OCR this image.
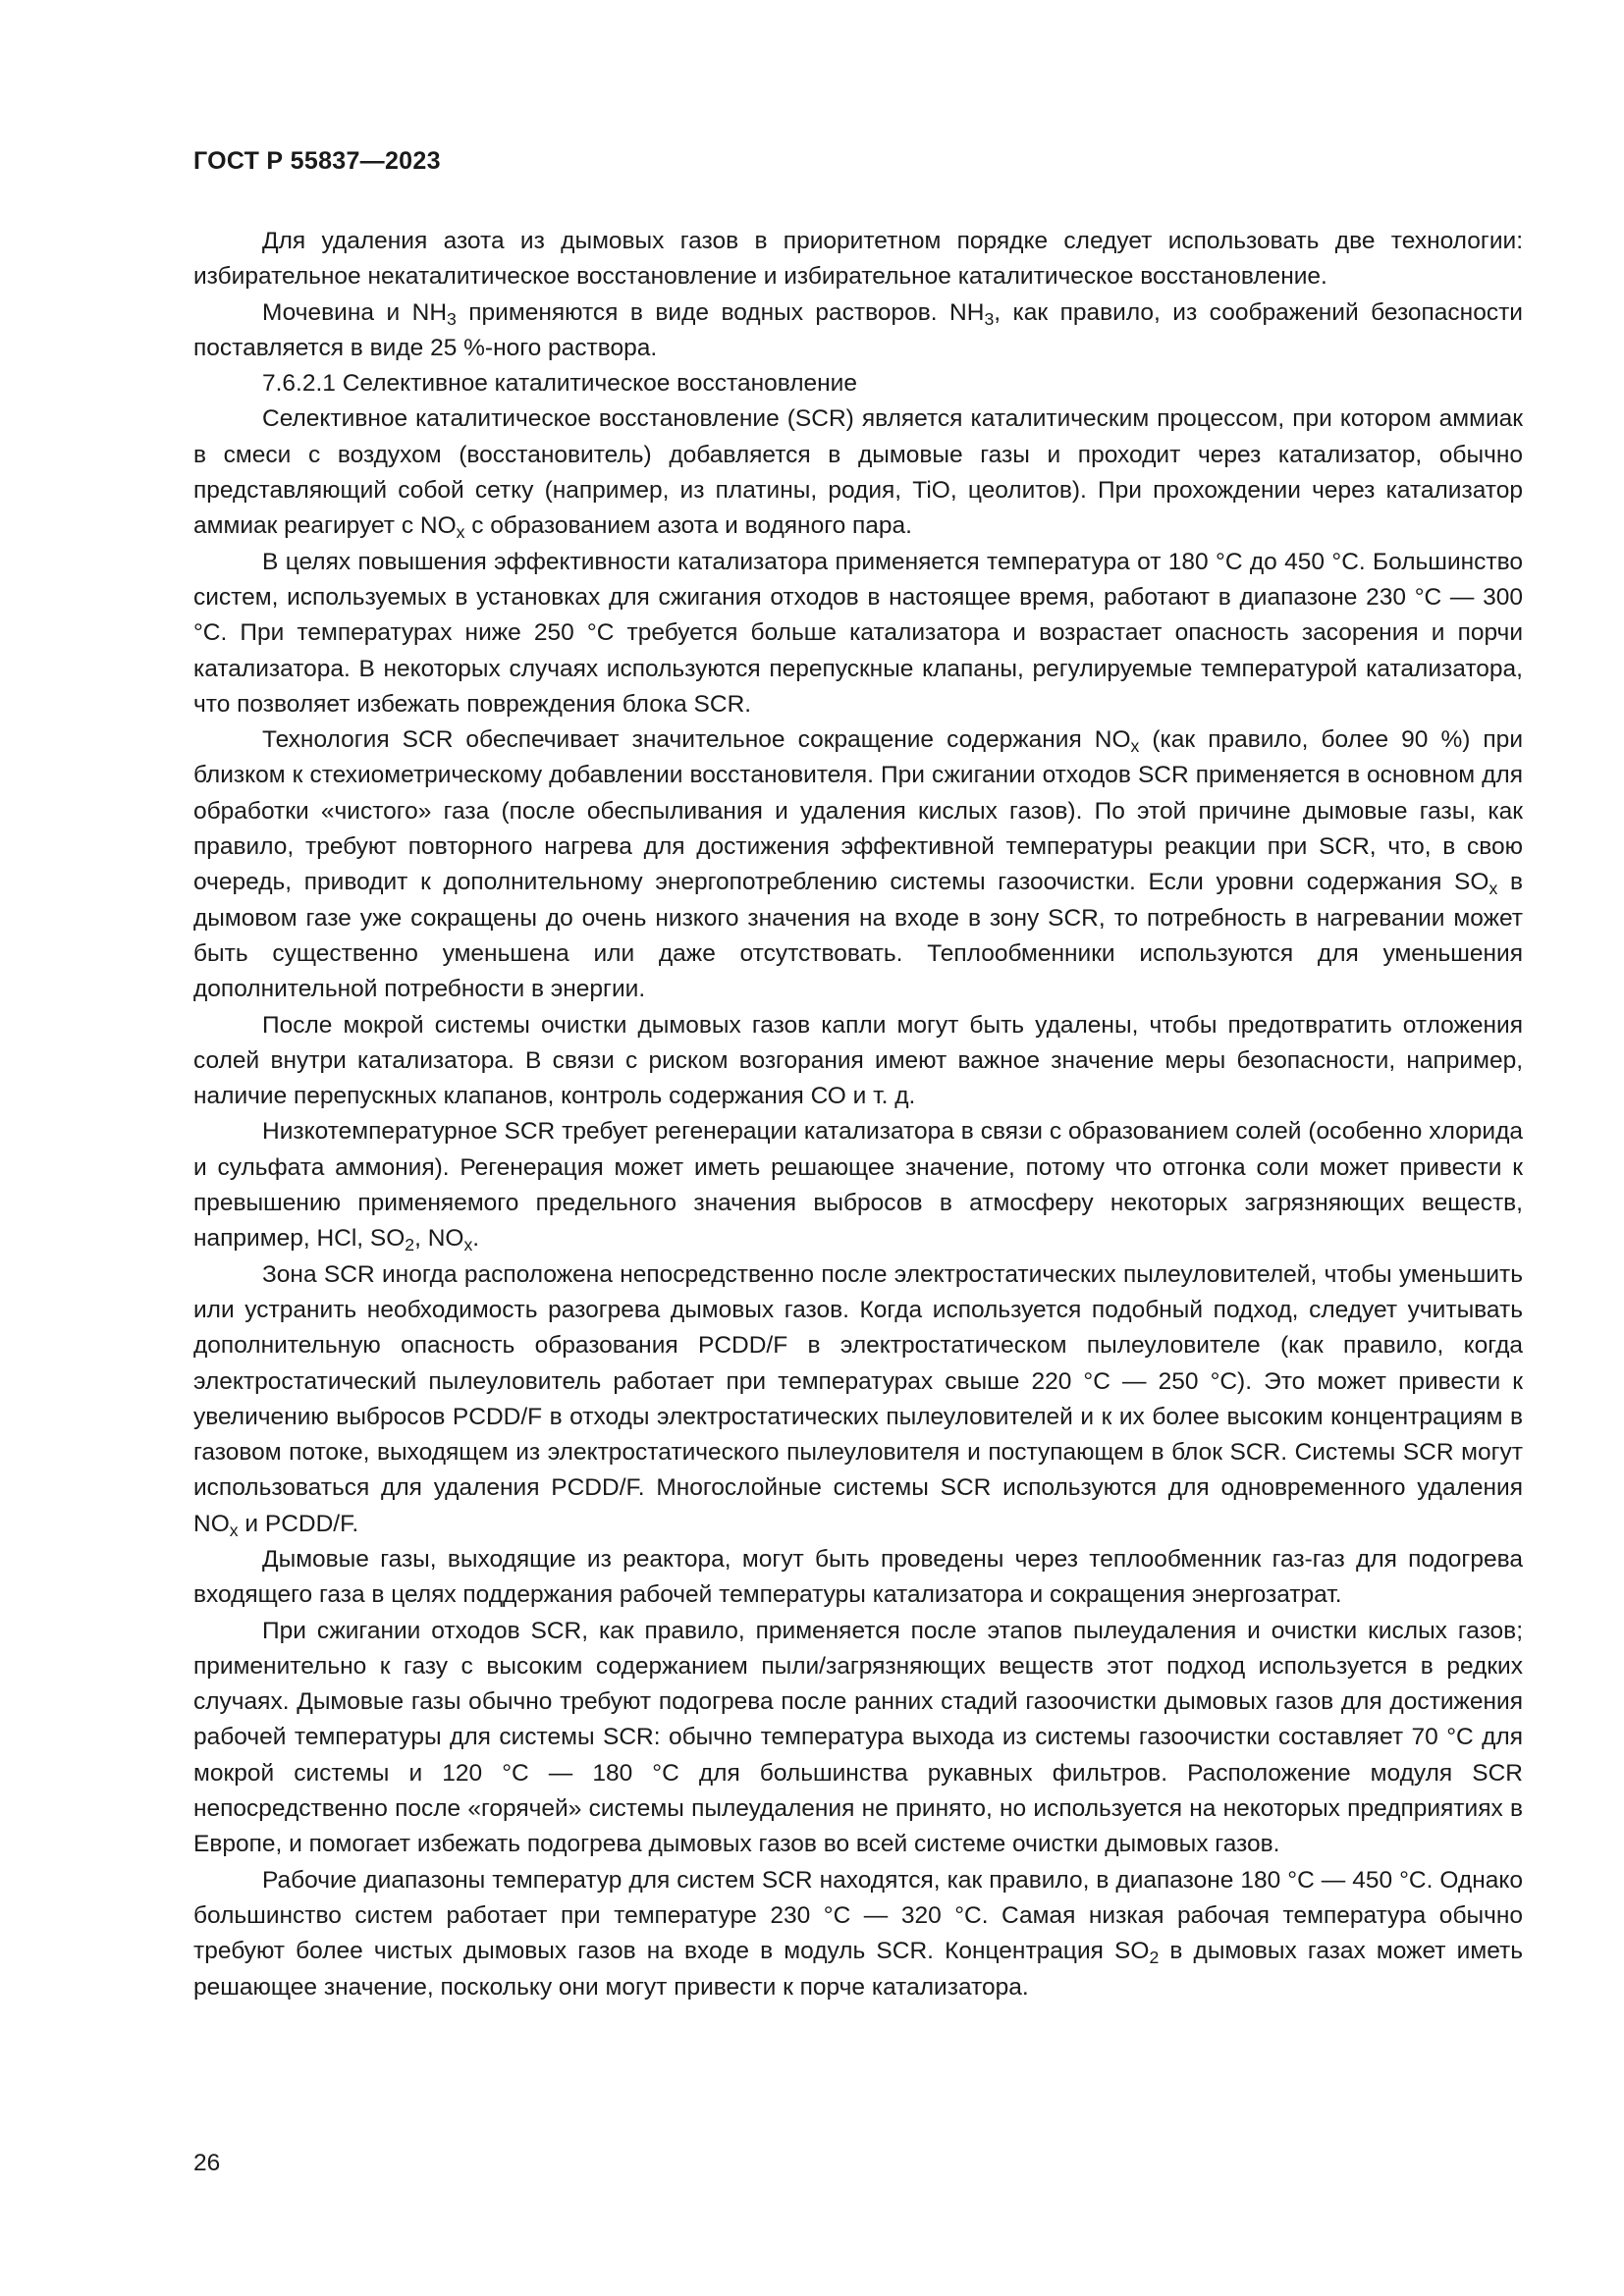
ГОСТ Р 55837—2023

Для удаления азота из дымовых газов в приоритетном порядке следует использовать две технологии: избирательное некаталитическое восстановление и избирательное каталитическое восстановление.

Мочевина и $NH_3$ применяются в виде водных растворов. $NH_3$, как правило, из соображений безопасности поставляется в виде 25 %-ного раствора.

7.6.2.1 Селективное каталитическое восстановление

Селективное каталитическое восстановление (SCR) является каталитическим процессом, при котором аммиак в смеси с воздухом (восстановитель) добавляется в дымовые газы и проходит через катализатор, обычно представляющий собой сетку (например, из платины, родия, TiO, цеолитов). При прохождении через катализатор аммиак реагирует с $NO_x$ с образованием азота и водяного пара.

В целях повышения эффективности катализатора применяется температура от 180 °С до 450 °С. Большинство систем, используемых в установках для сжигания отходов в настоящее время, работают в диапазоне 230 °С — 300 °С. При температурах ниже 250 °С требуется больше катализатора и возрастает опасность засорения и порчи катализатора. В некоторых случаях используются перепускные клапаны, регулируемые температурой катализатора, что позволяет избежать повреждения блока SCR.

Технология SCR обеспечивает значительное сокращение содержания $NO_x$ (как правило, более 90 %) при близком к стехиометрическому добавлении восстановителя. При сжигании отходов SCR применяется в основном для обработки «чистого» газа (после обеспыливания и удаления кислых газов). По этой причине дымовые газы, как правило, требуют повторного нагрева для достижения эффективной температуры реакции при SCR, что, в свою очередь, приводит к дополнительному энергопотреблению системы газоочистки. Если уровни содержания $SO_x$ в дымовом газе уже сокращены до очень низкого значения на входе в зону SCR, то потребность в нагревании может быть существенно уменьшена или даже отсутствовать. Теплообменники используются для уменьшения дополнительной потребности в энергии.

После мокрой системы очистки дымовых газов капли могут быть удалены, чтобы предотвратить отложения солей внутри катализатора. В связи с риском возгорания имеют важное значение меры безопасности, например, наличие перепускных клапанов, контроль содержания СО и т. д.

Низкотемпературное SCR требует регенерации катализатора в связи с образованием солей (особенно хлорида и сульфата аммония). Регенерация может иметь решающее значение, потому что отгонка соли может привести к превышению применяемого предельного значения выбросов в атмосферу некоторых загрязняющих веществ, например, HCl, $SO_2$, $NO_x$.

Зона SCR иногда расположена непосредственно после электростатических пылеуловителей, чтобы уменьшить или устранить необходимость разогрева дымовых газов. Когда используется подобный подход, следует учитывать дополнительную опасность образования PCDD/F в электростатическом пылеуловителе (как правило, когда электростатический пылеуловитель работает при температурах свыше 220 °С — 250 °С). Это может привести к увеличению выбросов PCDD/F в отходы электростатических пылеуловителей и к их более высоким концентрациям в газовом потоке, выходящем из электростатического пылеуловителя и поступающем в блок SCR. Системы SCR могут использоваться для удаления PCDD/F. Многослойные системы SCR используются для одновременного удаления $NO_x$ и PCDD/F.

Дымовые газы, выходящие из реактора, могут быть проведены через теплообменник газ-газ для подогрева входящего газа в целях поддержания рабочей температуры катализатора и сокращения энергозатрат.

При сжигании отходов SCR, как правило, применяется после этапов пылеудаления и очистки кислых газов; применительно к газу с высоким содержанием пыли/загрязняющих веществ этот подход используется в редких случаях. Дымовые газы обычно требуют подогрева после ранних стадий газоочистки дымовых газов для достижения рабочей температуры для системы SCR: обычно температура выхода из системы газоочистки составляет 70 °С для мокрой системы и 120 °С — 180 °С для большинства рукавных фильтров. Расположение модуля SCR непосредственно после «горячей» системы пылеудаления не принято, но используется на некоторых предприятиях в Европе, и помогает избежать подогрева дымовых газов во всей системе очистки дымовых газов.

Рабочие диапазоны температур для систем SCR находятся, как правило, в диапазоне 180 °С — 450 °С. Однако большинство систем работает при температуре 230 °С — 320 °С. Самая низкая рабочая температура обычно требуют более чистых дымовых газов на входе в модуль SCR. Концентрация $SO_2$ в дымовых газах может иметь решающее значение, поскольку они могут привести к порче катализатора.

26
